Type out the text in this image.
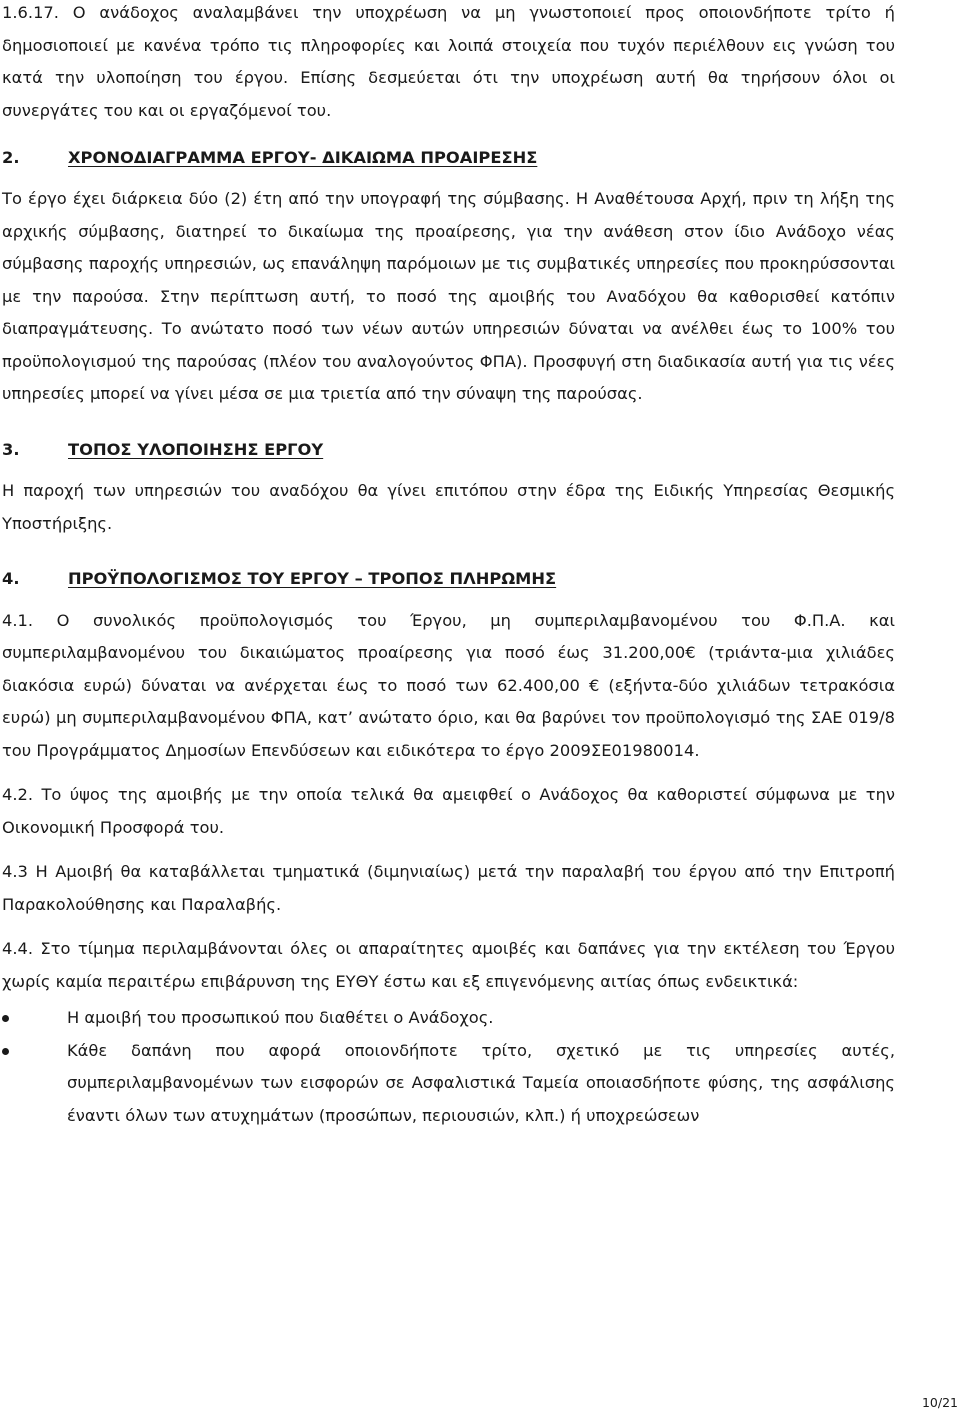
1.6.17. Ο ανάδοχος αναλαμβάνει την υποχρέωση να μη γνωστοποιεί προς οποιονδήποτε τρίτο ή δημοσιοποιεί με κανένα τρόπο τις πληροφορίες και λοιπά στοιχεία που τυχόν περιέλθουν εις γνώση του κατά την υλοποίηση του έργου. Επίσης δεσμεύεται ότι την υποχρέωση αυτή θα τηρήσουν όλοι οι συνεργάτες του και οι εργαζόμενοί του.

2.	ΧΡΟΝΟΔΙΑΓΡΑΜΜΑ ΕΡΓΟΥ- ΔΙΚΑΙΩΜΑ ΠΡΟΑΙΡΕΣΗΣ

Το έργο έχει διάρκεια δύο (2) έτη από την υπογραφή της σύμβασης. Η Αναθέτουσα Αρχή, πριν τη λήξη της αρχικής σύμβασης, διατηρεί το δικαίωμα της προαίρεσης, για την ανάθεση στον ίδιο Ανάδοχο νέας σύμβασης παροχής υπηρεσιών, ως επανάληψη παρόμοιων με τις συμβατικές υπηρεσίες που προκηρύσσονται με την παρούσα. Στην περίπτωση αυτή, το ποσό της αμοιβής του Αναδόχου θα καθορισθεί κατόπιν διαπραγμάτευσης. Το ανώτατο ποσό των νέων αυτών υπηρεσιών δύναται να ανέλθει έως το 100% του προϋπολογισμού της παρούσας (πλέον του αναλογούντος ΦΠΑ). Προσφυγή στη διαδικασία αυτή για τις νέες υπηρεσίες μπορεί να γίνει μέσα σε μια τριετία από την σύναψη της παρούσας.

3.	ΤΟΠΟΣ ΥΛΟΠΟΙΗΣΗΣ ΕΡΓΟΥ

Η παροχή των υπηρεσιών του αναδόχου θα γίνει επιτόπου στην έδρα της Ειδικής Υπηρεσίας Θεσμικής Υποστήριξης.

4.	ΠΡΟΫΠΟΛΟΓΙΣΜΟΣ ΤΟΥ ΕΡΓΟΥ – ΤΡΟΠΟΣ ΠΛΗΡΩΜΗΣ

4.1. Ο συνολικός προϋπολογισμός του Έργου, μη συμπεριλαμβανομένου του Φ.Π.Α. και συμπεριλαμβανομένου του δικαιώματος προαίρεσης για ποσό έως 31.200,00€ (τριάντα-μια χιλιάδες διακόσια ευρώ) δύναται να ανέρχεται έως το ποσό των 62.400,00 € (εξήντα-δύο χιλιάδων τετρακόσια ευρώ) μη συμπεριλαμβανομένου ΦΠΑ, κατ’ ανώτατο όριο, και θα βαρύνει τον προϋπολογισμό της ΣΑΕ 019/8 του Προγράμματος Δημοσίων Επενδύσεων και ειδικότερα το έργο 2009ΣΕ01980014.

4.2. Το ύψος της αμοιβής με την οποία τελικά θα αμειφθεί ο Ανάδοχος θα καθοριστεί σύμφωνα με την Οικονομική Προσφορά του.

4.3 Η Αμοιβή θα καταβάλλεται τμηματικά (διμηνιαίως) μετά την παραλαβή του έργου από την Επιτροπή Παρακολούθησης και Παραλαβής.

4.4. Στο τίμημα περιλαμβάνονται όλες οι απαραίτητες αμοιβές και δαπάνες για την εκτέλεση του Έργου χωρίς καμία περαιτέρω επιβάρυνση της ΕΥΘΥ έστω και εξ επιγενόμενης αιτίας όπως ενδεικτικά:

Η αμοιβή του προσωπικού που διαθέτει ο Ανάδοχος.
Κάθε δαπάνη που αφορά οποιονδήποτε τρίτο, σχετικό με τις υπηρεσίες αυτές, συμπεριλαμβανομένων των εισφορών σε Ασφαλιστικά Ταμεία οποιασδήποτε φύσης, της ασφάλισης έναντι όλων των ατυχημάτων (προσώπων, περιουσιών, κλπ.) ή υποχρεώσεων
10/21
